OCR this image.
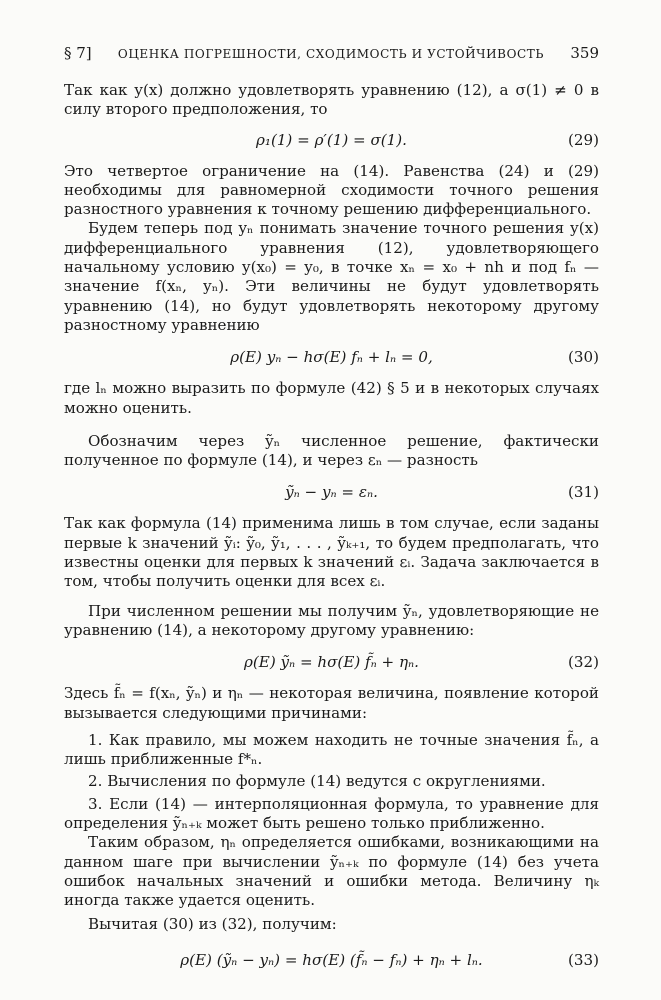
§ 7] ОЦЕНКА ПОГРЕШНОСТИ, СХОДИМОСТЬ И УСТОЙЧИВОСТЬ 359

Так как y(x) должно удовлетворять уравнению (12), а σ(1) ≠ 0 в силу второго предположения, то

ρ₁(1) = ρ′(1) = σ(1).	(29)

Это четвертое ограничение на (14). Равенства (24) и (29) необходимы для равномерной сходимости точного решения разностного уравнения к точному решению дифференциального.

Будем теперь под yₙ понимать значение точного решения y(x) дифференциального уравнения (12), удовлетворяющего начальному условию y(x₀) = y₀, в точке xₙ = x₀ + nh и под fₙ — значение f(xₙ, yₙ). Эти величины не будут удовлетворять уравнению (14), но будут удовлетворять некоторому другому разностному уравнению

ρ(E) yₙ − hσ(E) fₙ + lₙ = 0,	(30)

где lₙ можно выразить по формуле (42) § 5 и в некоторых случаях можно оценить.

Обозначим через ỹₙ численное решение, фактически полученное по формуле (14), и через εₙ — разность

ỹₙ − yₙ = εₙ.	(31)

Так как формула (14) применима лишь в том случае, если заданы первые k значений ỹᵢ: ỹ₀, ỹ₁, . . . , ỹₖ₊₁, то будем предполагать, что известны оценки для первых k значений εᵢ. Задача заключается в том, чтобы получить оценки для всех εᵢ.

При численном решении мы получим ỹₙ, удовлетворяющие не уравнению (14), а некоторому другому уравнению:

ρ(E) ỹₙ = hσ(E) f̃ₙ + ηₙ.	(32)

Здесь f̃ₙ = f(xₙ, ỹₙ) и ηₙ — некоторая величина, появление которой вызывается следующими причинами:

1. Как правило, мы можем находить не точные значения f̃ₙ, а лишь приближенные f*ₙ.

2. Вычисления по формуле (14) ведутся с округлениями.

3. Если (14) — интерполяционная формула, то уравнение для определения ỹₙ₊ₖ может быть решено только приближенно.

Таким образом, ηₙ определяется ошибками, возникающими на данном шаге при вычислении ỹₙ₊ₖ по формуле (14) без учета ошибок начальных значений и ошибки метода. Величину ηₖ иногда также удается оценить.

Вычитая (30) из (32), получим:

ρ(E) (ỹₙ − yₙ) = hσ(E) (f̃ₙ − fₙ) + ηₙ + lₙ.	(33)
